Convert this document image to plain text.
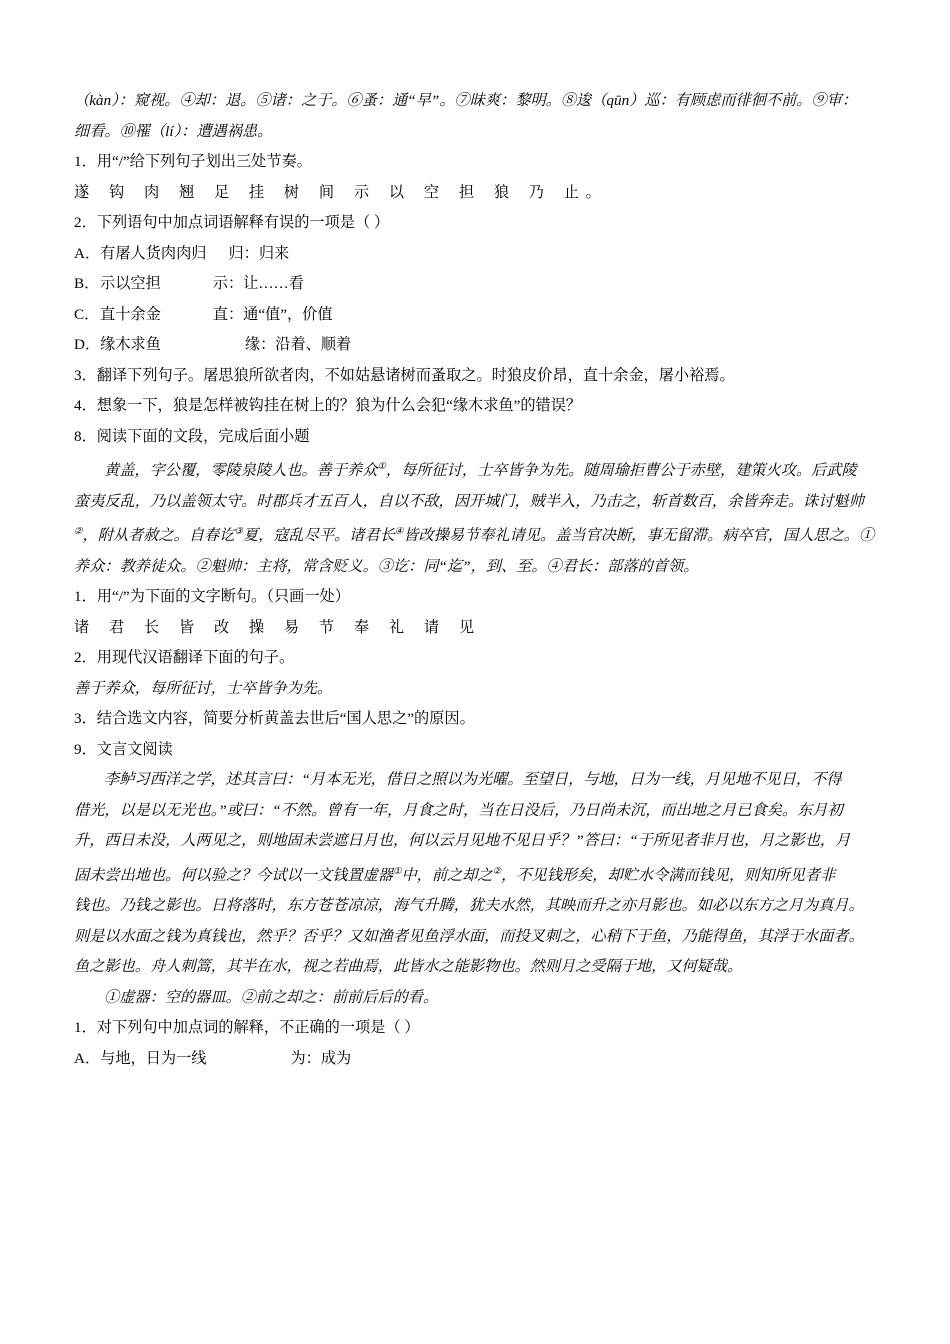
（kàn）：窥视。④却：退。⑤诸：之于。⑥蚤：通“早”。⑦昧爽：黎明。⑧逡（qūn）巡：有顾虑而徘徊不前。⑨审：
细看。⑩罹（lí）：遭遇祸患。
1．用“/”给下列句子划出三处节奏。
遂 钩 肉 翘 足 挂 树 间 示 以 空 担 狼 乃 止。
2．下列语句中加点词语解释有误的一项是（ ）
A．有屠人货肉肉归 归：归来
B．示以空担	示：让……看
C．直十余金	直：通“值”，价值
D．缘木求鱼	缘：沿着、顺着
3．翻译下列句子。屠思狼所欲者肉，不如姑悬诸树而蚤取之。时狼皮价昂，直十余金，屠小裕焉。
4．想象一下，狼是怎样被钩挂在树上的？狼为什么会犯“缘木求鱼”的错误？
8．阅读下面的文段，完成后面小题
黄盖，字公覆，零陵泉陵人也。善于养众①，每所征讨，士卒皆争为先。随周瑜拒曹公于赤壁，建策火攻。后武陵
蛮夷反乱，乃以盖领太守。时郡兵才五百人，自以不敌，因开城门，贼半入，乃击之，斩首数百，余皆奔走。诛讨魁帅
②，附从者赦之。自春讫③夏，寇乱尽平。诸君长④皆改操易节奉礼请见。盖当官决断，事无留滞。病卒官，国人思之。①
养众：教养徒众。②魁帅：主将，常含贬义。③讫：同“迄”，到、至。④君长：部落的首领。
1．用“/”为下面的文字断句。（只画一处）
诸 君 长 皆 改 操 易 节 奉 礼 请 见
2．用现代汉语翻译下面的句子。
善于养众，每所征讨，士卒皆争为先。
3．结合选文内容，简要分析黄盖去世后“国人思之”的原因。
9．文言文阅读
李鲈习西洋之学，述其言曰：“月本无光，借日之照以为光曜。至望日，与地，日为一线，月见地不见日，不得
借光，以是以无光也。”或曰：“不然。曾有一年，月食之时，当在日没后，乃日尚未沉，而出地之月已食矣。东月初
升，西日未没，人两见之，则地固未尝遮日月也，何以云月见地不见日乎？”答曰：“于所见者非月也，月之影也，月
固未尝出地也。何以验之？今试以一文钱置虚器①中，前之却之②，不见钱形矣，却贮水令满而钱见，则知所见者非
钱也。乃钱之影也。日将落时，东方苍苍凉凉，海气升腾，犹夫水然，其映而升之亦月影也。如必以东方之月为真月。
则是以水面之钱为真钱也，然乎？否乎？又如渔者见鱼浮水面，而投叉刺之，心稍下于鱼，乃能得鱼，其浮于水面者。
鱼之影也。舟人刺篙，其半在水，视之若曲焉，此皆水之能影物也。然则月之受隔于地，又何疑哉。
①虚器：空的器皿。②前之却之：前前后后的看。
1．对下列句中加点词的解释，不正确的一项是（ ）
A．与地，日为一线	为：成为
